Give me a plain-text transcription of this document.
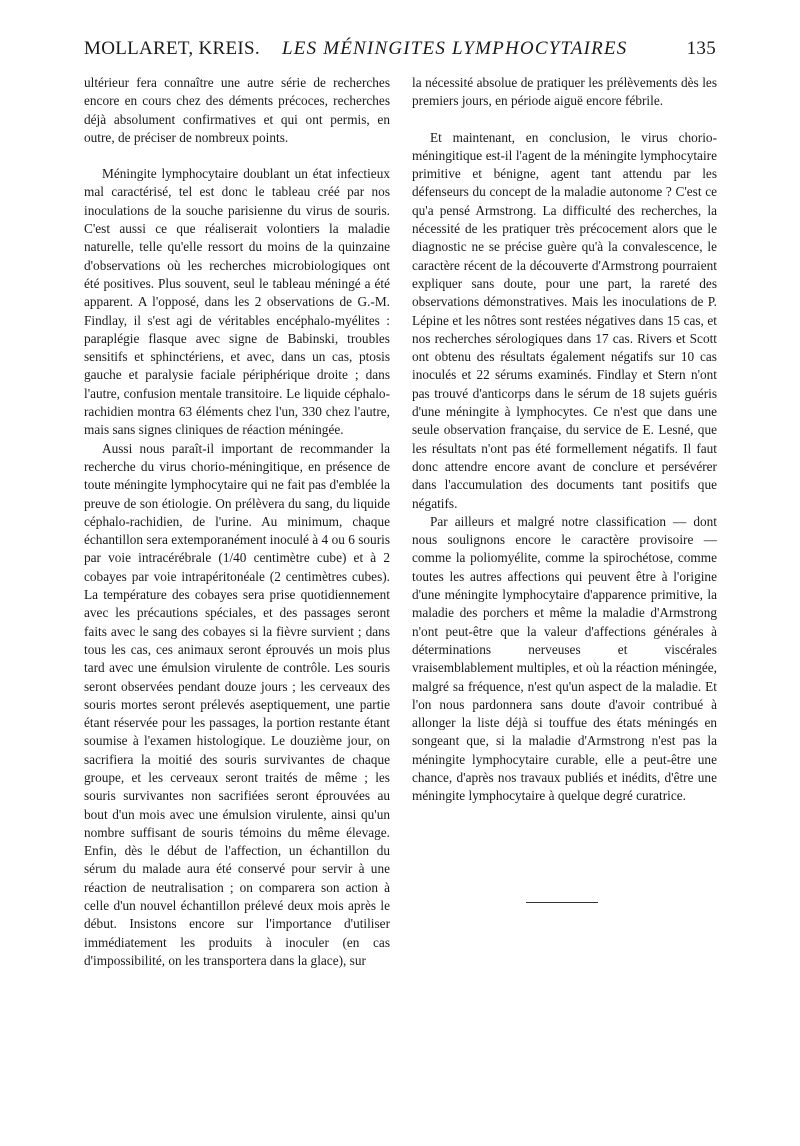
MOLLARET, KREIS. LES MÉNINGITES LYMPHOCYTAIRES	135

ultérieur fera connaître une autre série de recherches encore en cours chez des déments précoces, recherches déjà absolument confirmatives et qui ont permis, en outre, de préciser de nombreux points.

Méningite lymphocytaire doublant un état infectieux mal caractérisé, tel est donc le tableau créé par nos inoculations de la souche parisienne du virus de souris. C'est aussi ce que réaliserait volontiers la maladie naturelle, telle qu'elle ressort du moins de la quinzaine d'observations où les recherches microbiologiques ont été positives. Plus souvent, seul le tableau méningé a été apparent. A l'opposé, dans les 2 observations de G.-M. Findlay, il s'est agi de véritables encéphalo-myélites : paraplégie flasque avec signe de Babinski, troubles sensitifs et sphinctériens, et avec, dans un cas, ptosis gauche et paralysie faciale périphérique droite ; dans l'autre, confusion mentale transitoire. Le liquide céphalo-rachidien montra 63 éléments chez l'un, 330 chez l'autre, mais sans signes cliniques de réaction méningée.

Aussi nous paraît-il important de recommander la recherche du virus chorio-méningitique, en présence de toute méningite lymphocytaire qui ne fait pas d'emblée la preuve de son étiologie. On prélèvera du sang, du liquide céphalo-rachidien, de l'urine. Au minimum, chaque échantillon sera extemporanément inoculé à 4 ou 6 souris par voie intracérébrale (1/40 centimètre cube) et à 2 cobayes par voie intrapéritonéale (2 centimètres cubes). La température des cobayes sera prise quotidiennement avec les précautions spéciales, et des passages seront faits avec le sang des cobayes si la fièvre survient ; dans tous les cas, ces animaux seront éprouvés un mois plus tard avec une émulsion virulente de contrôle. Les souris seront observées pendant douze jours ; les cerveaux des souris mortes seront prélevés aseptiquement, une partie étant réservée pour les passages, la portion restante étant soumise à l'examen histologique. Le douzième jour, on sacrifiera la moitié des souris survivantes de chaque groupe, et les cerveaux seront traités de même ; les souris survivantes non sacrifiées seront éprouvées au bout d'un mois avec une émulsion virulente, ainsi qu'un nombre suffisant de souris témoins du même élevage. Enfin, dès le début de l'affection, un échantillon du sérum du malade aura été conservé pour servir à une réaction de neutralisation ; on comparera son action à celle d'un nouvel échantillon prélevé deux mois après le début. Insistons encore sur l'importance d'utiliser immédiatement les produits à inoculer (en cas d'impossibilité, on les transportera dans la glace), sur

la nécessité absolue de pratiquer les prélèvements dès les premiers jours, en période aiguë encore fébrile.

Et maintenant, en conclusion, le virus chorio-méningitique est-il l'agent de la méningite lymphocytaire primitive et bénigne, agent tant attendu par les défenseurs du concept de la maladie autonome ? C'est ce qu'a pensé Armstrong. La difficulté des recherches, la nécessité de les pratiquer très précocement alors que le diagnostic ne se précise guère qu'à la convalescence, le caractère récent de la découverte d'Armstrong pourraient expliquer sans doute, pour une part, la rareté des observations démonstratives. Mais les inoculations de P. Lépine et les nôtres sont restées négatives dans 15 cas, et nos recherches sérologiques dans 17 cas. Rivers et Scott ont obtenu des résultats également négatifs sur 10 cas inoculés et 22 sérums examinés. Findlay et Stern n'ont pas trouvé d'anticorps dans le sérum de 18 sujets guéris d'une méningite à lymphocytes. Ce n'est que dans une seule observation française, du service de E. Lesné, que les résultats n'ont pas été formellement négatifs. Il faut donc attendre encore avant de conclure et persévérer dans l'accumulation des documents tant positifs que négatifs.

Par ailleurs et malgré notre classification — dont nous soulignons encore le caractère provisoire — comme la poliomyélite, comme la spirochétose, comme toutes les autres affections qui peuvent être à l'origine d'une méningite lymphocytaire d'apparence primitive, la maladie des porchers et même la maladie d'Armstrong n'ont peut-être que la valeur d'affections générales à déterminations nerveuses et viscérales vraisemblablement multiples, et où la réaction méningée, malgré sa fréquence, n'est qu'un aspect de la maladie. Et l'on nous pardonnera sans doute d'avoir contribué à allonger la liste déjà si touffue des états méningés en songeant que, si la maladie d'Armstrong n'est pas la méningite lymphocytaire curable, elle a peut-être une chance, d'après nos travaux publiés et inédits, d'être une méningite lymphocytaire à quelque degré curatrice.
